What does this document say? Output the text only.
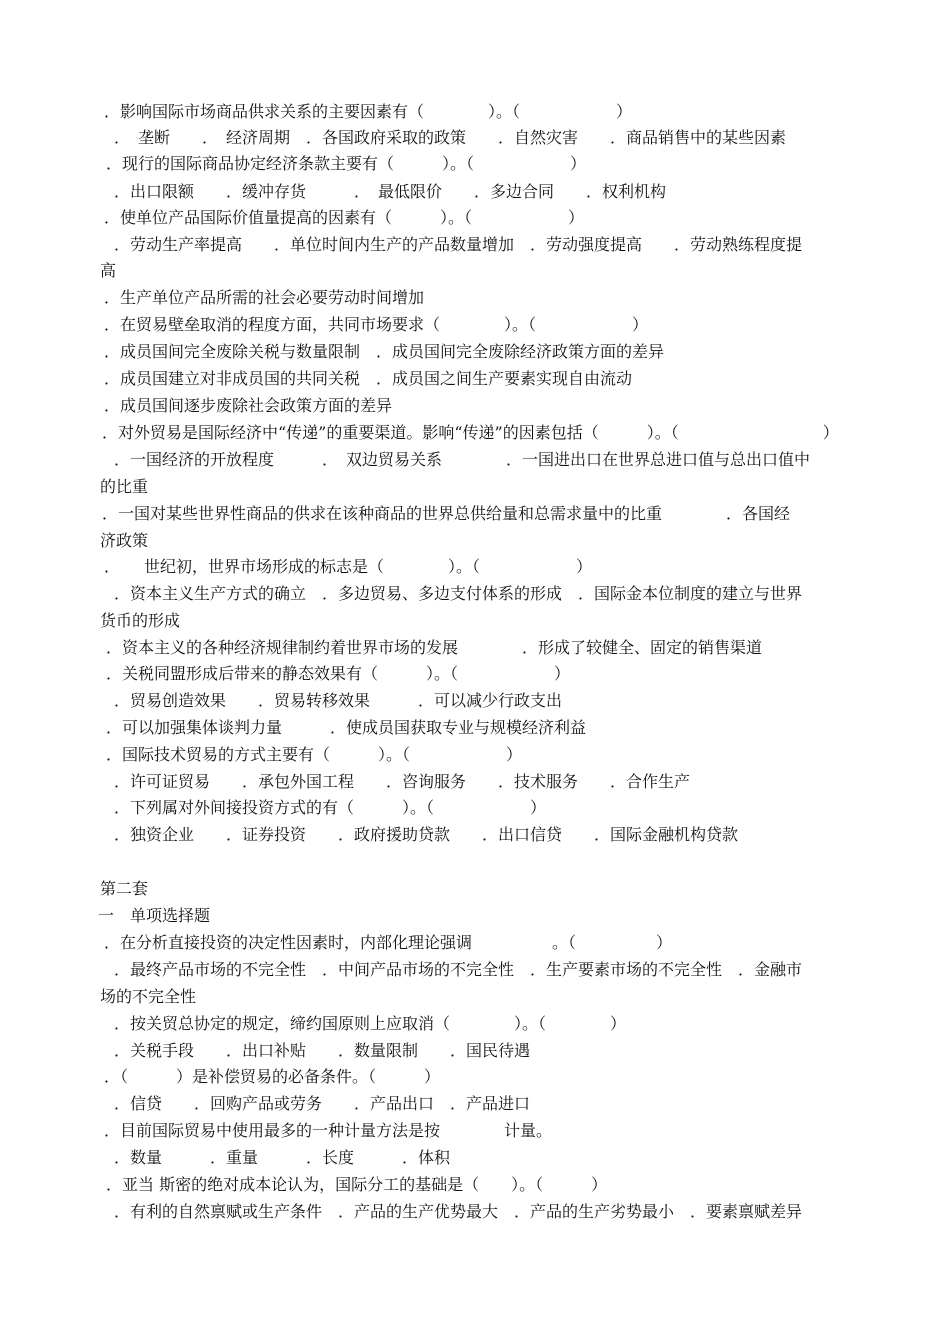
．影响国际市场商品供求关系的主要因素有（　　　　）。（　　　　　　）
．　垄断　　．　经济周期　．各国政府采取的政策　　．自然灾害　　．商品销售中的某些因素
．现行的国际商品协定经济条款主要有（　　　）。（　　　　　　）
．出口限额　　．缓冲存货　　　．　最低限价　　．多边合同　　．权利机构
．使单位产品国际价值量提高的因素有（　　　）。（　　　　　　）
．劳动生产率提高　　．单位时间内生产的产品数量增加　．劳动强度提高　　．劳动熟练程度提
高
．生产单位产品所需的社会必要劳动时间增加
．在贸易壁垒取消的程度方面，共同市场要求（　　　　）。（　　　　　　）
．成员国间完全废除关税与数量限制　．成员国间完全废除经济政策方面的差异
．成员国建立对非成员国的共同关税　．成员国之间生产要素实现自由流动
．成员国间逐步废除社会政策方面的差异
．对外贸易是国际经济中“传递”的重要渠道。影响“传递”的因素包括（　　　）。（　　　　　　　　　）
．一国经济的开放程度　　　．　双边贸易关系　　　　．一国进出口在世界总进口值与总出口值中
的比重
．一国对某些世界性商品的供求在该种商品的世界总供给量和总需求量中的比重　　　　．各国经
济政策
．　　世纪初，世界市场形成的标志是（　　　　）。（　　　　　　）
．资本主义生产方式的确立　．多边贸易、多边支付体系的形成　．国际金本位制度的建立与世界
货币的形成
．资本主义的各种经济规律制约着世界市场的发展　　　　．形成了较健全、固定的销售渠道
．关税同盟形成后带来的静态效果有（　　　）。（　　　　　　）
．贸易创造效果　　．贸易转移效果　　　．可以减少行政支出
．可以加强集体谈判力量　　　．使成员国获取专业与规模经济利益
．国际技术贸易的方式主要有（　　　）。（　　　　　　）
．许可证贸易　　．承包外国工程　　．咨询服务　　．技术服务　　．合作生产
．下列属对外间接投资方式的有（　　　）。（　　　　　　）
．独资企业　　．证券投资　　．政府援助贷款　　．出口信贷　　．国际金融机构贷款
第二套
一　单项选择题
．在分析直接投资的决定性因素时，内部化理论强调　　　　　。（　　　　　）
．最终产品市场的不完全性　．中间产品市场的不完全性　．生产要素市场的不完全性　．金融市
场的不完全性
．按关贸总协定的规定，缔约国原则上应取消（　　　　）。（　　　　）
．关税手段　　．出口补贴　　．数量限制　　．国民待遇
．（　　　）是补偿贸易的必备条件。（　　　）
．信贷　　．回购产品或劳务　　．产品出口　．产品进口
．目前国际贸易中使用最多的一种计量方法是按　　　　计量。
．数量　　　．重量　　　．长度　　　．体积
．亚当 斯密的绝对成本论认为，国际分工的基础是（　　）。（　　　）
．有利的自然禀赋或生产条件　．产品的生产优势最大　．产品的生产劣势最小　．要素禀赋差异
